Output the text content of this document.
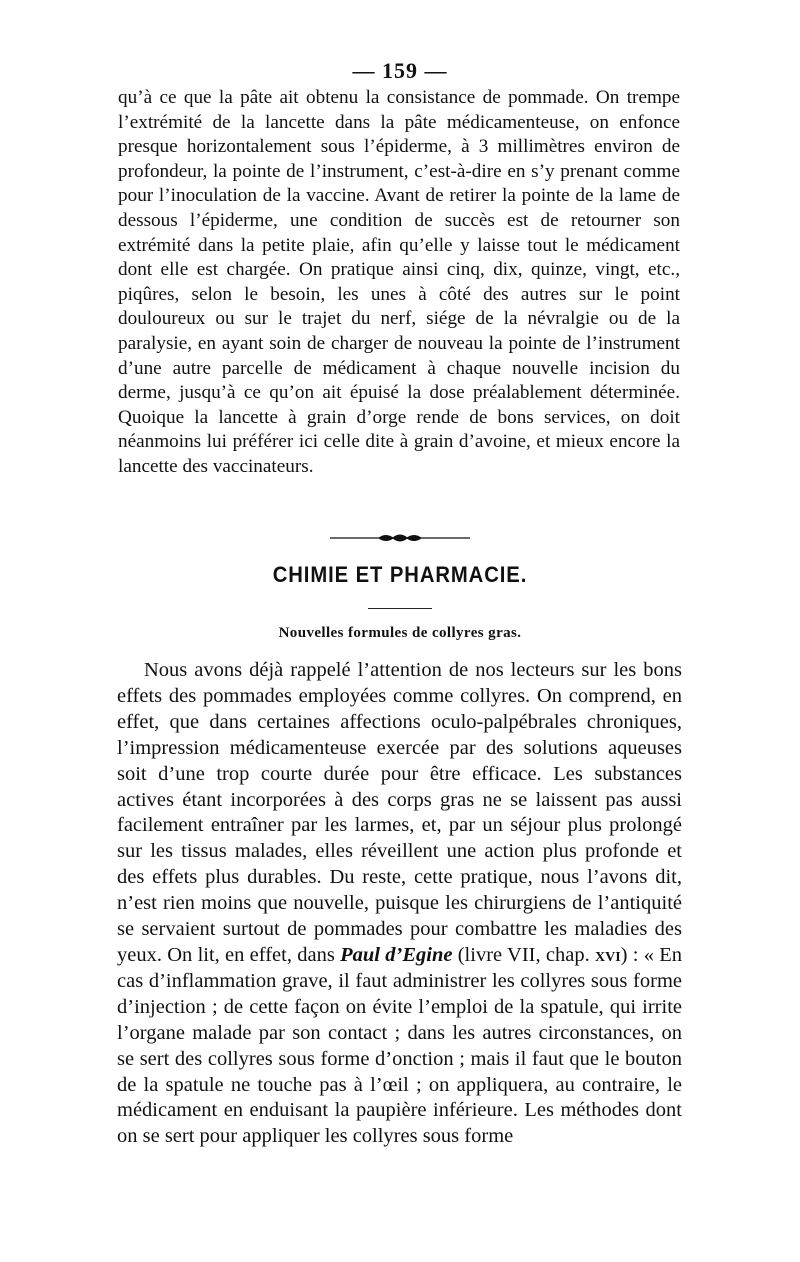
— 159 —

qu’à ce que la pâte ait obtenu la consistance de pommade. On trempe l’extrémité de la lancette dans la pâte médicamenteuse, on enfonce presque horizontalement sous l’épiderme, à 3 millimètres environ de profondeur, la pointe de l’instrument, c’est-à-dire en s’y prenant comme pour l’inoculation de la vaccine. Avant de retirer la pointe de la lame de dessous l’épiderme, une condition de succès est de retourner son extrémité dans la petite plaie, afin qu’elle y laisse tout le médicament dont elle est chargée. On pratique ainsi cinq, dix, quinze, vingt, etc., piqûres, selon le besoin, les unes à côté des autres sur le point douloureux ou sur le trajet du nerf, siége de la névralgie ou de la paralysie, en ayant soin de charger de nouveau la pointe de l’instrument d’une autre parcelle de médicament à chaque nouvelle incision du derme, jusqu’à ce qu’on ait épuisé la dose préalablement déterminée. Quoique la lancette à grain d’orge rende de bons services, on doit néanmoins lui préférer ici celle dite à grain d’avoine, et mieux encore la lancette des vaccinateurs.

CHIMIE ET PHARMACIE.
Nouvelles formules de collyres gras.

Nous avons déjà rappelé l’attention de nos lecteurs sur les bons effets des pommades employées comme collyres. On comprend, en effet, que dans certaines affections oculo-palpébrales chroniques, l’impression médicamenteuse exercée par des solutions aqueuses soit d’une trop courte durée pour être efficace. Les substances actives étant incorporées à des corps gras ne se laissent pas aussi facilement entraîner par les larmes, et, par un séjour plus prolongé sur les tissus malades, elles réveillent une action plus profonde et des effets plus durables. Du reste, cette pratique, nous l’avons dit, n’est rien moins que nouvelle, puisque les chirurgiens de l’antiquité se servaient surtout de pommades pour combattre les maladies des yeux. On lit, en effet, dans Paul d’Egine (livre VII, chap. xvi) : « En cas d’inflammation grave, il faut administrer les collyres sous forme d’injection ; de cette façon on évite l’emploi de la spatule, qui irrite l’organe malade par son contact ; dans les autres circonstances, on se sert des collyres sous forme d’onction ; mais il faut que le bouton de la spatule ne touche pas à l’œil ; on appliquera, au contraire, le médicament en enduisant la paupière inférieure. Les méthodes dont on se sert pour appliquer les collyres sous forme
